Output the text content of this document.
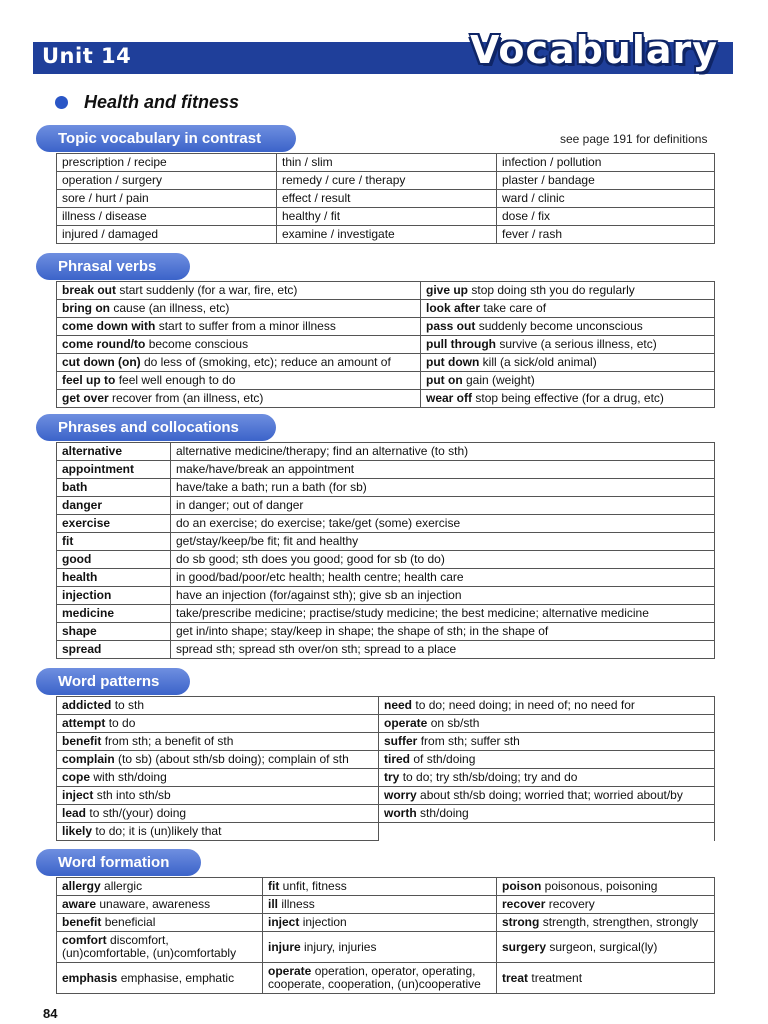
Unit 14	Vocabulary
Health and fitness
Topic vocabulary in contrast	see page 191 for definitions
prescription / recipe	thin / slim	infection / pollution
operation / surgery	remedy / cure / therapy	plaster / bandage
sore / hurt / pain	effect / result	ward / clinic
illness / disease	healthy / fit	dose / fix
injured / damaged	examine / investigate	fever / rash
Phrasal verbs
break out start suddenly (for a war, fire, etc)	give up stop doing sth you do regularly
bring on cause (an illness, etc)	look after take care of
come down with start to suffer from a minor illness	pass out suddenly become unconscious
come round/to become conscious	pull through survive (a serious illness, etc)
cut down (on) do less of (smoking, etc); reduce an amount of	put down kill (a sick/old animal)
feel up to feel well enough to do	put on gain (weight)
get over recover from (an illness, etc)	wear off stop being effective (for a drug, etc)
Phrases and collocations
alternative	alternative medicine/therapy; find an alternative (to sth)
appointment	make/have/break an appointment
bath	have/take a bath; run a bath (for sb)
danger	in danger; out of danger
exercise	do an exercise; do exercise; take/get (some) exercise
fit	get/stay/keep/be fit; fit and healthy
good	do sb good; sth does you good; good for sb (to do)
health	in good/bad/poor/etc health; health centre; health care
injection	have an injection (for/against sth); give sb an injection
medicine	take/prescribe medicine; practise/study medicine; the best medicine; alternative medicine
shape	get in/into shape; stay/keep in shape; the shape of sth; in the shape of
spread	spread sth; spread sth over/on sth; spread to a place
Word patterns
addicted to sth	need to do; need doing; in need of; no need for
attempt to do	operate on sb/sth
benefit from sth; a benefit of sth	suffer from sth; suffer sth
complain (to sb) (about sth/sb doing); complain of sth	tired of sth/doing
cope with sth/doing	try to do; try sth/sb/doing; try and do
inject sth into sth/sb	worry about sth/sb doing; worried that; worried about/by
lead to sth/(your) doing	worth sth/doing
likely to do; it is (un)likely that	
Word formation
allergy allergic	fit unfit, fitness	poison poisonous, poisoning
aware unaware, awareness	ill illness	recover recovery
benefit beneficial	inject injection	strong strength, strengthen, strongly
comfort discomfort, (un)comfortable, (un)comfortably	injure injury, injuries	surgery surgeon, surgical(ly)
emphasis emphasise, emphatic	operate operation, operator, operating, cooperate, cooperation, (un)cooperative	treat treatment
84
